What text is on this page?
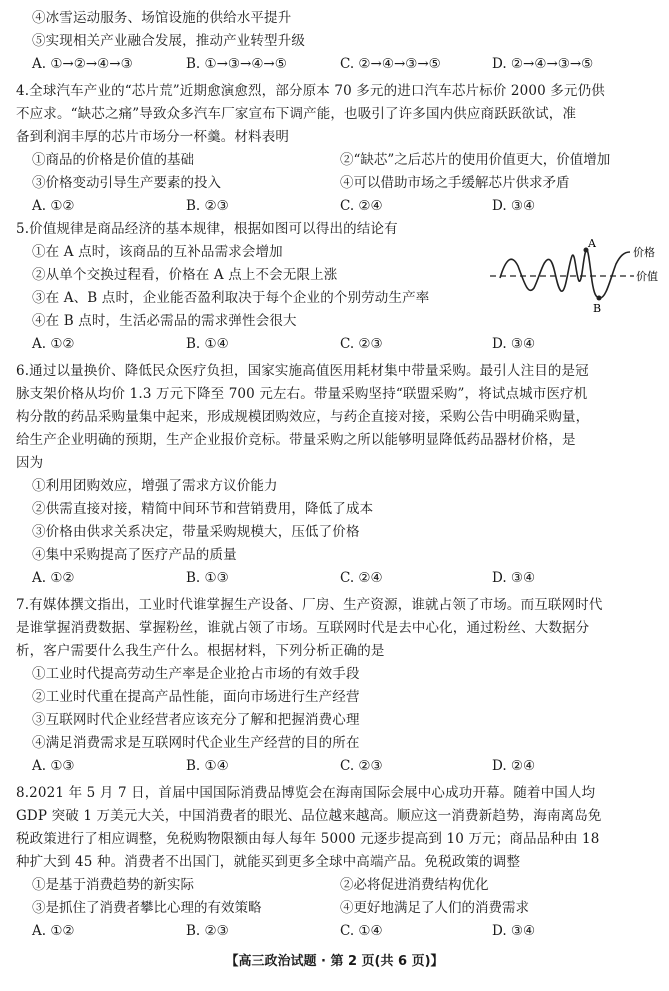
④冰雪运动服务、场馆设施的供给水平提升
⑤实现相关产业融合发展，推动产业转型升级
A. ①→②→④→③	B. ①→③→④→⑤	C. ②→④→③→⑤	D. ②→④→③→⑤
4.全球汽车产业的“芯片荒”近期愈演愈烈，部分原本 70 多元的进口汽车芯片标价 2000 多元仍供
不应求。“缺芯之痛”导致众多汽车厂家宣布下调产能，也吸引了许多国内供应商跃跃欲试，准
备到利润丰厚的芯片市场分一杯羹。材料表明
①商品的价格是价值的基础	②“缺芯”之后芯片的使用价值更大，价值增加
③价格变动引导生产要素的投入	④可以借助市场之手缓解芯片供求矛盾
A. ①②	B. ②③	C. ②④	D. ③④
5.价值规律是商品经济的基本规律，根据如图可以得出的结论有
①在 A 点时，该商品的互补品需求会增加
②从单个交换过程看，价格在 A 点上不会无限上涨
③在 A、B 点时，企业能否盈利取决于每个企业的个别劳动生产率
④在 B 点时，生活必需品的需求弹性会很大
A. ①②	B. ①④	C. ②③	D. ③④
A
B
价格
价值
6.通过以量换价、降低民众医疗负担，国家实施高值医用耗材集中带量采购。最引人注目的是冠
脉支架价格从均价 1.3 万元下降至 700 元左右。带量采购坚持“联盟采购”，将试点城市医疗机
构分散的药品采购量集中起来，形成规模团购效应，与药企直接对接，采购公告中明确采购量，
给生产企业明确的预期，生产企业报价竞标。带量采购之所以能够明显降低药品器材价格，是
因为
①利用团购效应，增强了需求方议价能力
②供需直接对接，精简中间环节和营销费用，降低了成本
③价格由供求关系决定，带量采购规模大，压低了价格
④集中采购提高了医疗产品的质量
A. ①②	B. ①③	C. ②④	D. ③④
7.有媒体撰文指出，工业时代谁掌握生产设备、厂房、生产资源，谁就占领了市场。而互联网时代
是谁掌握消费数据、掌握粉丝，谁就占领了市场。互联网时代是去中心化，通过粉丝、大数据分
析，客户需要什么我生产什么。根据材料，下列分析正确的是
①工业时代提高劳动生产率是企业抢占市场的有效手段
②工业时代重在提高产品性能，面向市场进行生产经营
③互联网时代企业经营者应该充分了解和把握消费心理
④满足消费需求是互联网时代企业生产经营的目的所在
A. ①③	B. ①④	C. ②③	D. ②④
8.2021 年 5 月 7 日，首届中国国际消费品博览会在海南国际会展中心成功开幕。随着中国人均
GDP 突破 1 万美元大关，中国消费者的眼光、品位越来越高。顺应这一消费新趋势，海南离岛免
税政策进行了相应调整，免税购物限额由每人每年 5000 元逐步提高到 10 万元；商品品种由 18
种扩大到 45 种。消费者不出国门，就能买到更多全球中高端产品。免税政策的调整
①是基于消费趋势的新实际	②必将促进消费结构优化
③是抓住了消费者攀比心理的有效策略	④更好地满足了人们的消费需求
A. ①②	B. ②③	C. ①④	D. ③④
【高三政治试题 · 第 2 页(共 6 页)】
